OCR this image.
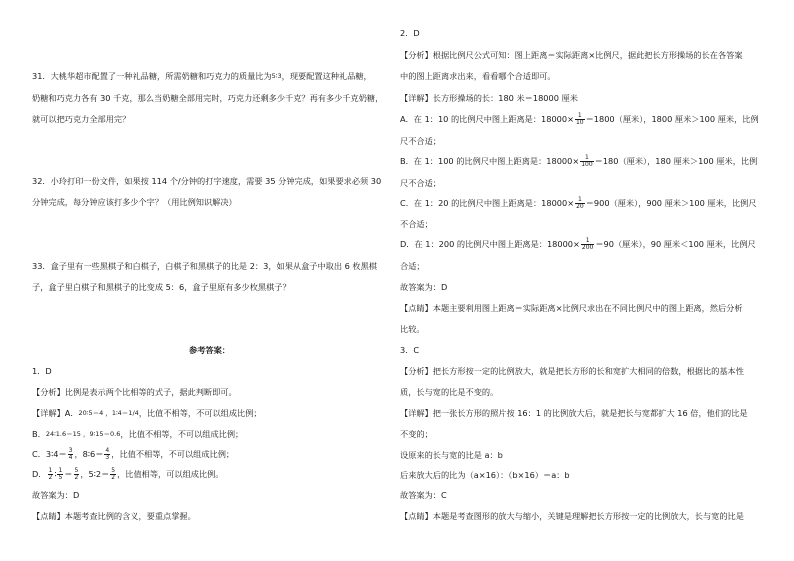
31．大桃华超市配置了一种礼品糖，所需奶糖和巧克力的质量比为5∶3，现要配置这种礼品糖，
奶糖和巧克力各有 30 千克，那么当奶糖全部用完时，巧克力还剩多少千克？再有多少千克奶糖，
就可以把巧克力全部用完？
32．小玲打印一份文件，如果按 114 个/分钟的打字速度，需要 35 分钟完成，如果要求必须 30
分钟完成，每分钟应该打多少个字？（用比例知识解决）
33．盒子里有一些黑棋子和白棋子，白棋子和黑棋子的比是 2：3，如果从盒子中取出 6 枚黑棋
子，盒子里白棋子和黑棋子的比变成 5：6，盒子里原有多少枚黑棋子？
参考答案：
1．D
【分析】比例是表示两个比相等的式子，据此判断即可。
【详解】A．20∶5＝4 ，1∶4＝1/4，比值不相等，不可以组成比例；
B．24∶1.6＝15 ，9∶15＝0.6，比值不相等，不可以组成比例；
C．3∶4＝ $\frac{3}{4}$ ，8∶6＝ $\frac{4}{3}$ ，比值不相等，不可以组成比例；
D． $\frac{1}{2}$ ∶ $\frac{1}{5} = \frac{5}{2}$ ，5∶2＝ $\frac{5}{2}$ ，比值相等，可以组成比例。
故答案为：D
【点睛】本题考查比例的含义，要重点掌握。
2．D
【分析】根据比例尺公式可知：图上距离＝实际距离×比例尺，据此把长方形操场的长在各答案
中的图上距离求出来，看看哪个合适即可。
【详解】长方形操场的长：180 米＝18000 厘米
A．在 1：10 的比例尺中图上距离是：$18000\times \frac{1}{10} =1800$（厘米），1800 厘米＞100 厘米，比例
尺不合适；
B．在 1：100 的比例尺中图上距离是：$18000\times \frac{1}{100} =180$（厘米），180 厘米＞100 厘米，比例
尺不合适；
C．在 1：20 的比例尺中图上距离是：$18000\times \frac{1}{20} =900$（厘米），900 厘米＞100 厘米，比例尺
不合适；
D．在 1：200 的比例尺中图上距离是：$18000\times \frac{1}{200} =90$（厘米），90 厘米＜100 厘米，比例尺
合适；
故答案为：D
【点睛】本题主要利用图上距离＝实际距离×比例尺求出在不同比例尺中的图上距离，然后分析
比较。
3．C
【分析】把长方形按一定的比例放大，就是把长方形的长和宽扩大相同的倍数，根据比的基本性
质，长与宽的比是不变的。
【详解】把一张长方形的照片按 16：1 的比例放大后，就是把长与宽都扩大 16 倍，他们的比是
不变的；
设原来的长与宽的比是 a：b
后来放大后的比为（a×16）：（b×16）＝a：b
故答案为：C
【点睛】本题是考查图形的放大与缩小，关键是理解把长方形按一定的比例放大，长与宽的比是
